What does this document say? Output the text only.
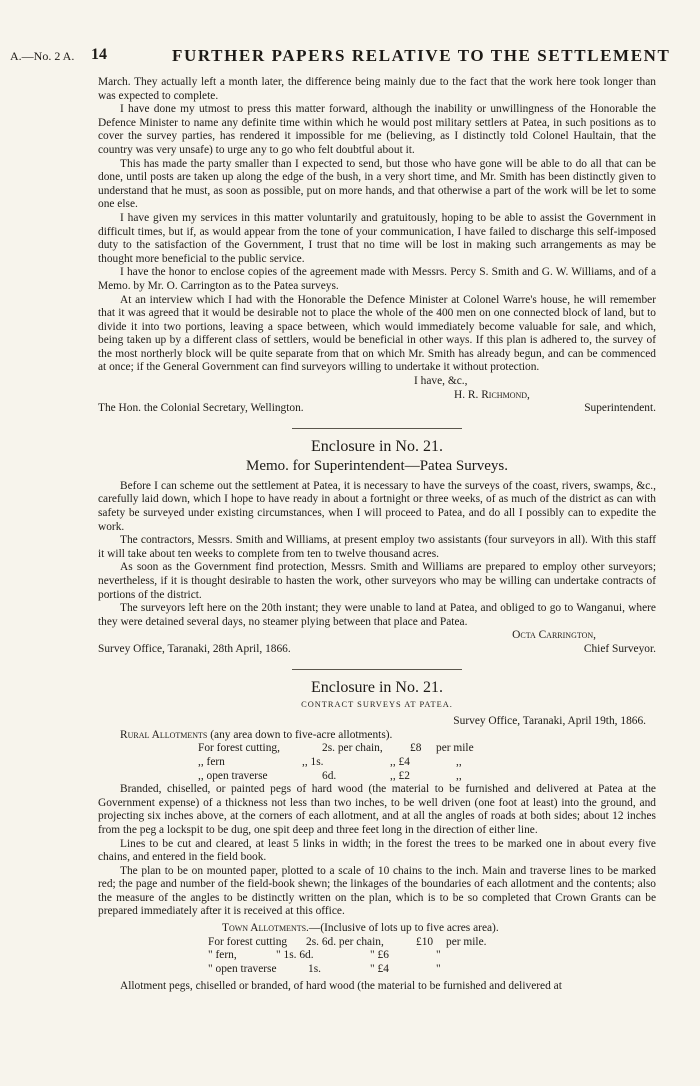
A.—No. 2 A. 14	FURTHER PAPERS RELATIVE TO THE SETTLEMENT

March. They actually left a month later, the difference being mainly due to the fact that the work here took longer than was expected to complete.

I have done my utmost to press this matter forward, although the inability or unwillingness of the Honorable the Defence Minister to name any definite time within which he would post military settlers at Patea, in such positions as to cover the survey parties, has rendered it impossible for me (believing, as I distinctly told Colonel Haultain, that the country was very unsafe) to urge any to go who felt doubtful about it.

This has made the party smaller than I expected to send, but those who have gone will be able to do all that can be done, until posts are taken up along the edge of the bush, in a very short time, and Mr. Smith has been distinctly given to understand that he must, as soon as possible, put on more hands, and that otherwise a part of the work will be let to some one else.

I have given my services in this matter voluntarily and gratuitously, hoping to be able to assist the Government in difficult times, but if, as would appear from the tone of your communication, I have failed to discharge this self-imposed duty to the satisfaction of the Government, I trust that no time will be lost in making such arrangements as may be thought more beneficial to the public service.

I have the honor to enclose copies of the agreement made with Messrs. Percy S. Smith and G. W. Williams, and of a Memo. by Mr. O. Carrington as to the Patea surveys.

At an interview which I had with the Honorable the Defence Minister at Colonel Warre's house, he will remember that it was agreed that it would be desirable not to place the whole of the 400 men on one connected block of land, but to divide it into two portions, leaving a space between, which would immediately become valuable for sale, and which, being taken up by a different class of settlers, would be beneficial in other ways. If this plan is adhered to, the survey of the most northerly block will be quite separate from that on which Mr. Smith has already begun, and can be commenced at once; if the General Government can find surveyors willing to undertake it without protection.

I have, &c.,

H. R. Richmond,

The Hon. the Colonial Secretary, Wellington.	Superintendent.
Enclosure in No. 21.
Memo. for Superintendent—Patea Surveys.

Before I can scheme out the settlement at Patea, it is necessary to have the surveys of the coast, rivers, swamps, &c., carefully laid down, which I hope to have ready in about a fortnight or three weeks, of as much of the district as can with safety be surveyed under existing circumstances, when I will proceed to Patea, and do all I possibly can to expedite the work.

The contractors, Messrs. Smith and Williams, at present employ two assistants (four surveyors in all). With this staff it will take about ten weeks to complete from ten to twelve thousand acres.

As soon as the Government find protection, Messrs. Smith and Williams are prepared to employ other surveyors; nevertheless, if it is thought desirable to hasten the work, other surveyors who may be willing can undertake contracts of portions of the district.

The surveyors left here on the 20th instant; they were unable to land at Patea, and obliged to go to Wanganui, where they were detained several days, no steamer plying between that place and Patea.

Octa Carrington,

Survey Office, Taranaki, 28th April, 1866.	Chief Surveyor.
Enclosure in No. 21.
CONTRACT SURVEYS AT PATEA.

Survey Office, Taranaki, April 19th, 1866.

Rural Allotments (any area down to five-acre allotments).

For forest cutting,	2s. per chain,	£8	per mile
,, fern	,, 1s.	,, £4	,,
,, open traverse	6d.	,, £2	,,

Branded, chiselled, or painted pegs of hard wood (the material to be furnished and delivered at Patea at the Government expense) of a thickness not less than two inches, to be well driven (one foot at least) into the ground, and projecting six inches above, at the corners of each allotment, and at all the angles of roads at both sides; about 12 inches from the peg a lockspit to be dug, one spit deep and three feet long in the direction of either line.

Lines to be cut and cleared, at least 5 links in width; in the forest the trees to be marked one in about every five chains, and entered in the field book.

The plan to be on mounted paper, plotted to a scale of 10 chains to the inch. Main and traverse lines to be marked red; the page and number of the field-book shewn; the linkages of the boundaries of each allotment and the contents; also the measure of the angles to be distinctly written on the plan, which is to be so completed that Crown Grants can be prepared immediately after it is received at this office.

Town Allotments.—(Inclusive of lots up to five acres area).

For forest cutting	2s. 6d. per chain,	£10	per mile.
" fern,	" 1s. 6d.	" £6	"
" open traverse	1s.	" £4	"

Allotment pegs, chiselled or branded, of hard wood (the material to be furnished and delivered at
